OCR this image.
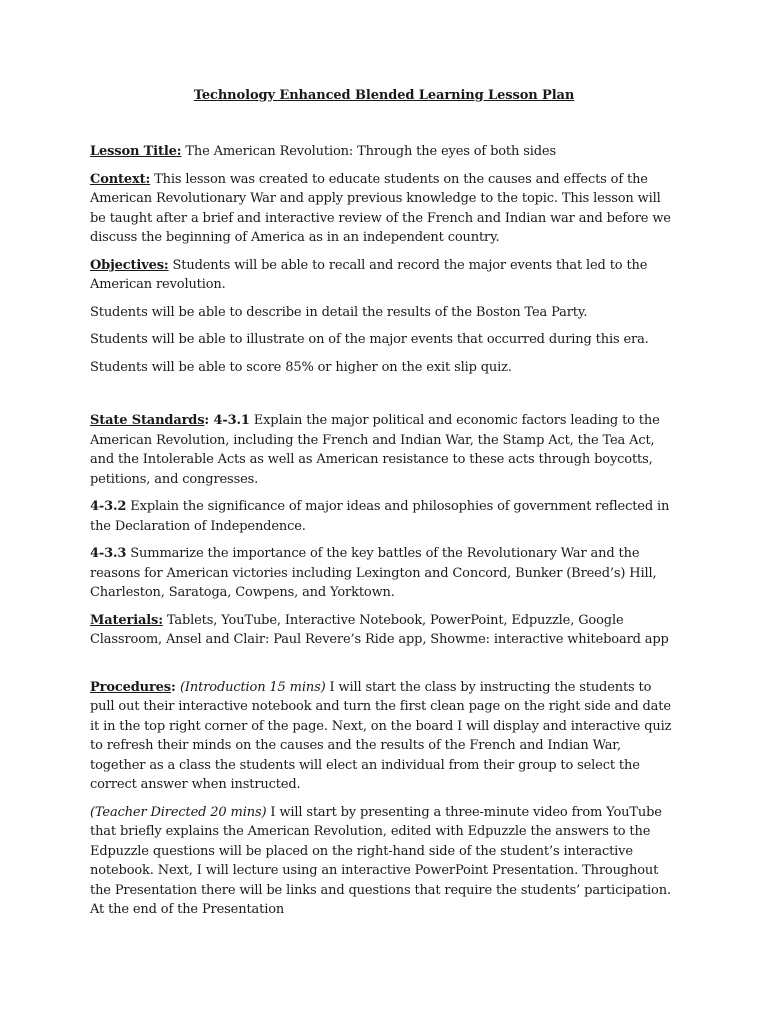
Technology Enhanced Blended Learning Lesson Plan

Lesson Title: The American Revolution: Through the eyes of both sides

Context: This lesson was created to educate students on the causes and effects of the American Revolutionary War and apply previous knowledge to the topic. This lesson will be taught after a brief and interactive review of the French and Indian war and before we discuss the beginning of America as in an independent country.

Objectives: Students will be able to recall and record the major events that led to the American revolution.

Students will be able to describe in detail the results of the Boston Tea Party.

Students will be able to illustrate on of the major events that occurred during this era.

Students will be able to score 85% or higher on the exit slip quiz.

State Standards: 4-3.1 Explain the major political and economic factors leading to the American Revolution, including the French and Indian War, the Stamp Act, the Tea Act, and the Intolerable Acts as well as American resistance to these acts through boycotts, petitions, and congresses.

4-3.2 Explain the significance of major ideas and philosophies of government reflected in the Declaration of Independence.

4-3.3 Summarize the importance of the key battles of the Revolutionary War and the reasons for American victories including Lexington and Concord, Bunker (Breed’s) Hill, Charleston, Saratoga, Cowpens, and Yorktown.

Materials: Tablets, YouTube, Interactive Notebook, PowerPoint, Edpuzzle, Google Classroom, Ansel and Clair: Paul Revere’s Ride app, Showme: interactive whiteboard app

Procedures: (Introduction 15 mins) I will start the class by instructing the students to pull out their interactive notebook and turn the first clean page on the right side and date it in the top right corner of the page. Next, on the board I will display and interactive quiz to refresh their minds on the causes and the results of the French and Indian War, together as a class the students will elect an individual from their group to select the correct answer when instructed.

(Teacher Directed 20 mins) I will start by presenting a three-minute video from YouTube that briefly explains the American Revolution, edited with Edpuzzle the answers to the Edpuzzle questions will be placed on the right-hand side of the student’s interactive notebook. Next, I will lecture using an interactive PowerPoint Presentation. Throughout the Presentation there will be links and questions that require the students’ participation. At the end of the Presentation
